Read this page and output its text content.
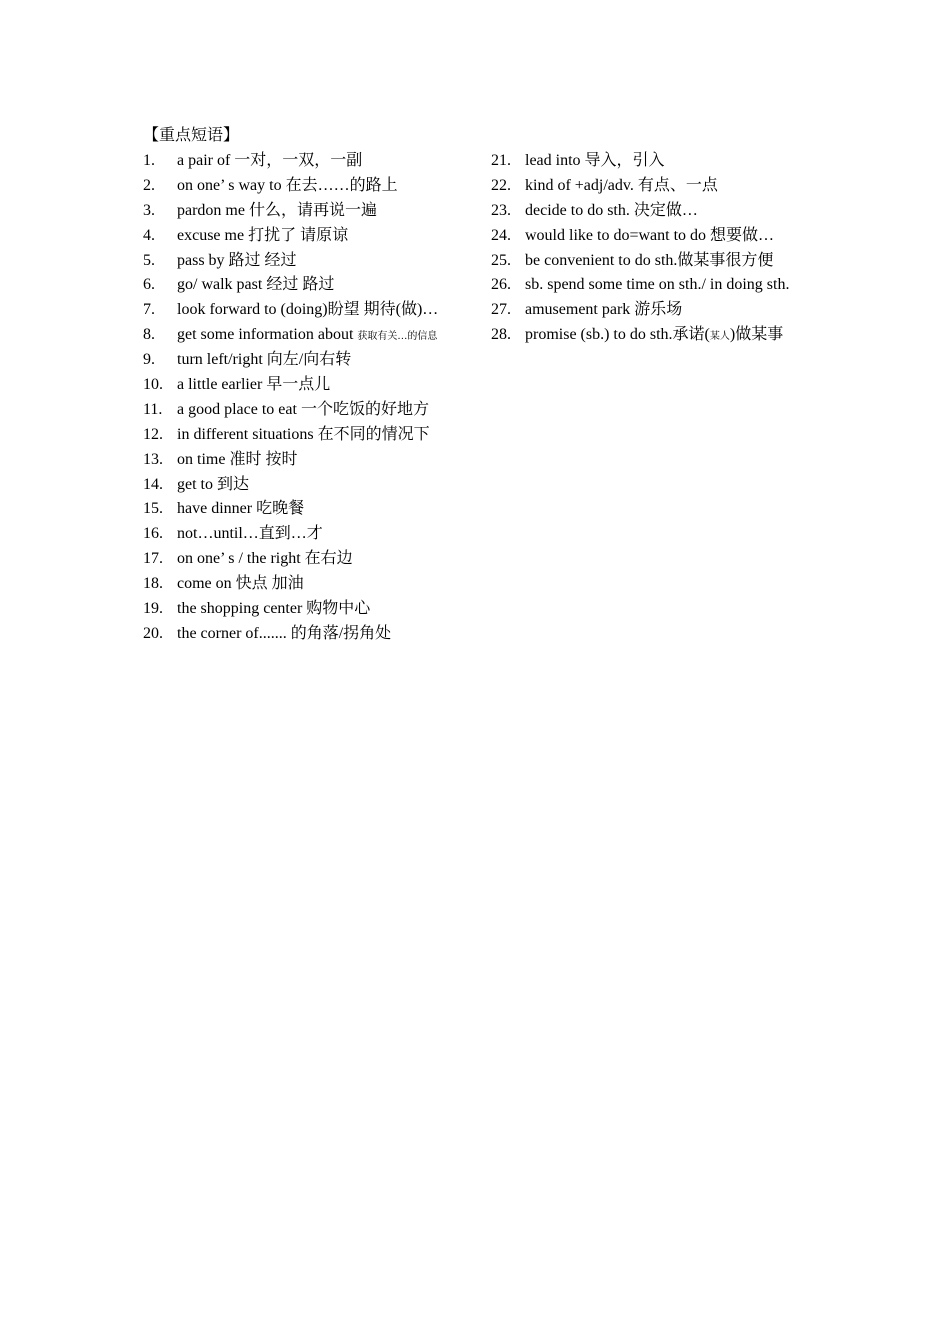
【重点短语】
1.	a pair of 一对，一双，一副
2.	on one’ s way to 在去……的路上
3.	pardon me 什么，请再说一遍
4.	excuse me 打扰了 请原谅
5.	pass by 路过 经过
6.	go/ walk past 经过 路过
7.	look forward to (doing)盼望 期待(做)…
8.	get some information about 获取有关…的信息
9.	turn left/right 向左/向右转
10. a little earlier 早一点儿
11. a good place to eat 一个吃饭的好地方
12. in different situations 在不同的情况下
13. on time 准时 按时
14. get to 到达
15. have dinner 吃晚餐
16. not…until…直到…才
17. on one’ s / the right 在右边
18. come on 快点 加油
19. the shopping center 购物中心
20. the corner of....... 的角落/拐角处
21. lead into 导入，引入
22. kind of +adj/adv. 有点、一点
23. decide to do sth. 决定做…
24. would like to do=want to do 想要做…
25. be convenient to do sth.做某事很方便
26. sb. spend some time on sth./ in doing sth.
27. amusement park 游乐场
28. promise (sb.) to do sth.承诺(某人)做某事
